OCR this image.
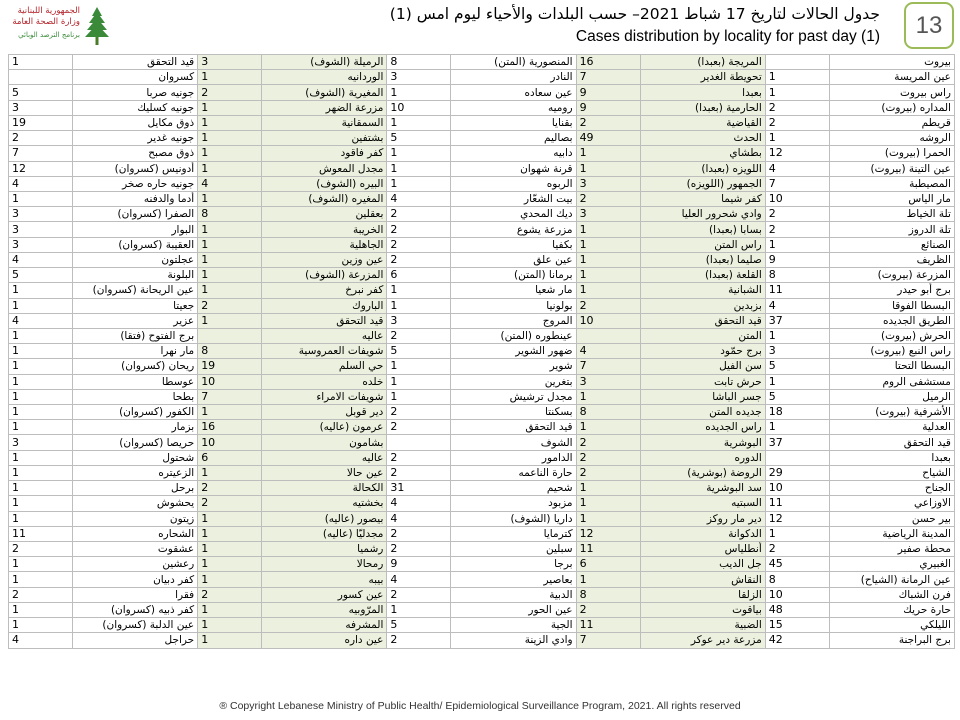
الجمهورية اللبنانية
وزارة الصحة العامة
برنامج الترصد الوبائي
جدول الحالات لتاريخ 17 شباط 2021– حسب البلدات والأحياء ليوم امس (1)
Cases distribution by locality for past day (1)	13
1	قيد التحقق	3	الرميلة (الشوف)	8	المنصورية (المتن)	16	المريجة (بعبدا)		بيروت
	كسروان	1	الوردانيه	3	النادر	7	تحويطة الغدير	1	عين المريسة
5	جونيه صربا	2	المغيرية (الشوف)	1	عين سعاده	9	بعبدا	1	راس بيروت
3	جونيه كسليك	1	مزرعة الضهر	10	روميه	9	الحارمية (بعبدا)	2	المداره (بيروت)
19	ذوق مكايل	1	السمقانية	1	بقنايا	2	القياضية	2	قريطم
2	جونيه غدير	1	بشتفين	5	بصاليم	49	الحدث	1	الروشه
7	ذوق مصبح	1	كفر فاقود	1	دابيه	1	بطشاي	12	الحمرا (بيروت)
12	أدونيس (كسروان)	1	مجدل المعوش	1	قرنة شهوان	1	اللويزه (بعبدا)	4	عين التينة (بيروت)
4	جونيه حاره صخر	4	البيره (الشوف)	1	الربوه	3	الجمهور (اللويزه)	7	المصيطبة
1	أدما والدفنه	1	المغيره (الشوف)	4	بيت الشعّار	2	كفر شيما	10	مار الياس
3	الصفرا (كسروان)	8	بعقلين	2	ديك المحدي	3	وادي شحرور العليا	2	تلة الخياط
3	البوار	1	الخريبة	2	مزرعة يشوع	1	بسابا (بعبدا)	2	تلة الدروز
3	العقيبة (كسروان)	1	الجاهلية	2	بكفيا	1	راس المتن	1	الصنائع
4	عجلتون	1	عين وزين	2	عين علق	1	صليما (بعبدا)	9	الظريف
5	البلونة	1	المزرعة (الشوف)	6	برمانا (المتن)	1	القلعة (بعبدا)	8	المزرعة (بيروت)
1	عين الريحانة (كسروان)	1	كفر نبرخ	1	مار شعيا	1	الشبانية	11	برج أبو حيدر
1	جعيتا	2	الباروك	1	بولونيا	2	بزبدين	4	البسطا الفوقا
4	عزير	1	قيد التحقق	3	المروج	10	قيد التحقق	37	الطريق الجديده
1	برج الفتوح (فتقا)		عاليه	2	عينطوره (المتن)		المتن	1	الحرش (بيروت)
1	مار نهرا	8	شويفات العمروسية	5	ضهور الشوير	4	برج حمّود	3	راس النبع (بيروت)
1	ريحان (كسروان)	19	حي السلم	1	شوير	7	سن الفيل	5	البسطا التحتا
1	عوسطا	10	خلده	1	بتغرين	3	حرش تابت	1	مستشفى الروم
1	بطحا	7	شويفات الامراء	1	مجدل ترشيش	1	جسر الباشا	5	الرميل
1	الكفور (كسروان)	1	دير قوبل	2	بسكنتا	8	جديده المتن	18	الأشرفية (بيروت)
1	بزمار	16	عرمون (عاليه)	2	قيد التحقق	1	راس الجديده	1	العدلية
3	حريصا (كسروان)	10	بشامون		الشوف	2	البوشرية	37	قيد التحقق
1	شحتول	6	عاليه	2	الدامور	2	الدوره		بعبدا
1	الزعيتره	1	عين حالا	2	حارة الناعمه	2	الروضة (بوشرية)	29	الشياح
1	برحل	2	الكحالة	31	شحيم	1	سد البوشرية	10	الجناح
1	يحشوش	2	بخشتيه	4	مزبود	1	السبتيه	11	الاوزاعي
1	زيتون	1	بيصور (عاليه)	4	داريا (الشوف)	1	دير مار روكز	12	بير حسن
11	الشحاره	1	مجدليّا (عاليه)	2	كترمايا	12	الدكوانة	1	المدينة الرياضية
2	عشقوت	1	رشميا	2	سبلين	11	أنطلياس	2	محطة صفير
1	رعشين	1	رمحالا	9	برجا	6	جل الديب	45	الغبيري
1	كفر دبيان	1	بيبه	4	بعاصير	1	النقاش	8	عين الرمانة (الشياح)
2	فقرا	2	عين كسور	2	الدبية	8	الزلقا	10	فرن الشباك
1	كفر ذبيه (كسروان)	1	المرّوبيه	1	عين الحور	2	بياقوت	48	حارة حريك
1	عين الدلبة (كسروان)	1	المشرفه	5	الجية	11	الضبية	15	الليلكي
4	حراجل	1	عين داره	2	وادي الزينة	7	مزرعة دير عوكر	42	برج البراجنة
® Copyright Lebanese Ministry of Public Health/ Epidemiological Surveillance Program, 2021. All rights reserved
